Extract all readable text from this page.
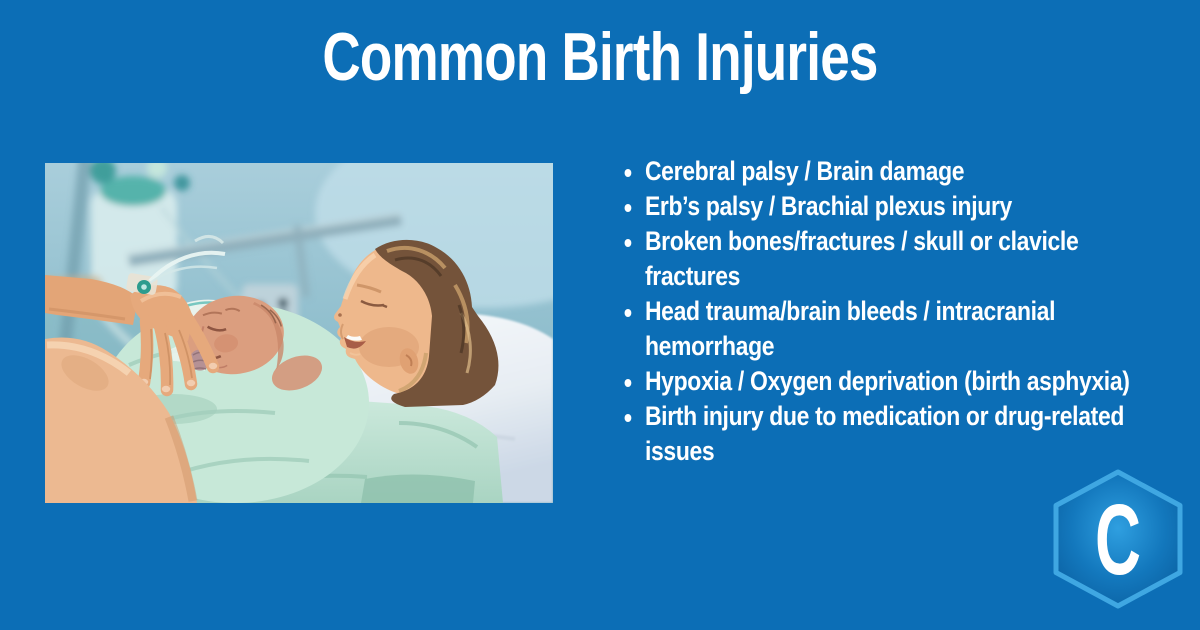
Common Birth Injuries
Cerebral palsy / Brain damage
Erb’s palsy / Brachial plexus injury
Broken bones/fractures / skull or clavicle fractures
Head trauma/brain bleeds / intracranial hemorrhage
Hypoxia / Oxygen deprivation (birth asphyxia)
Birth injury due to medication or drug-related issues
C
